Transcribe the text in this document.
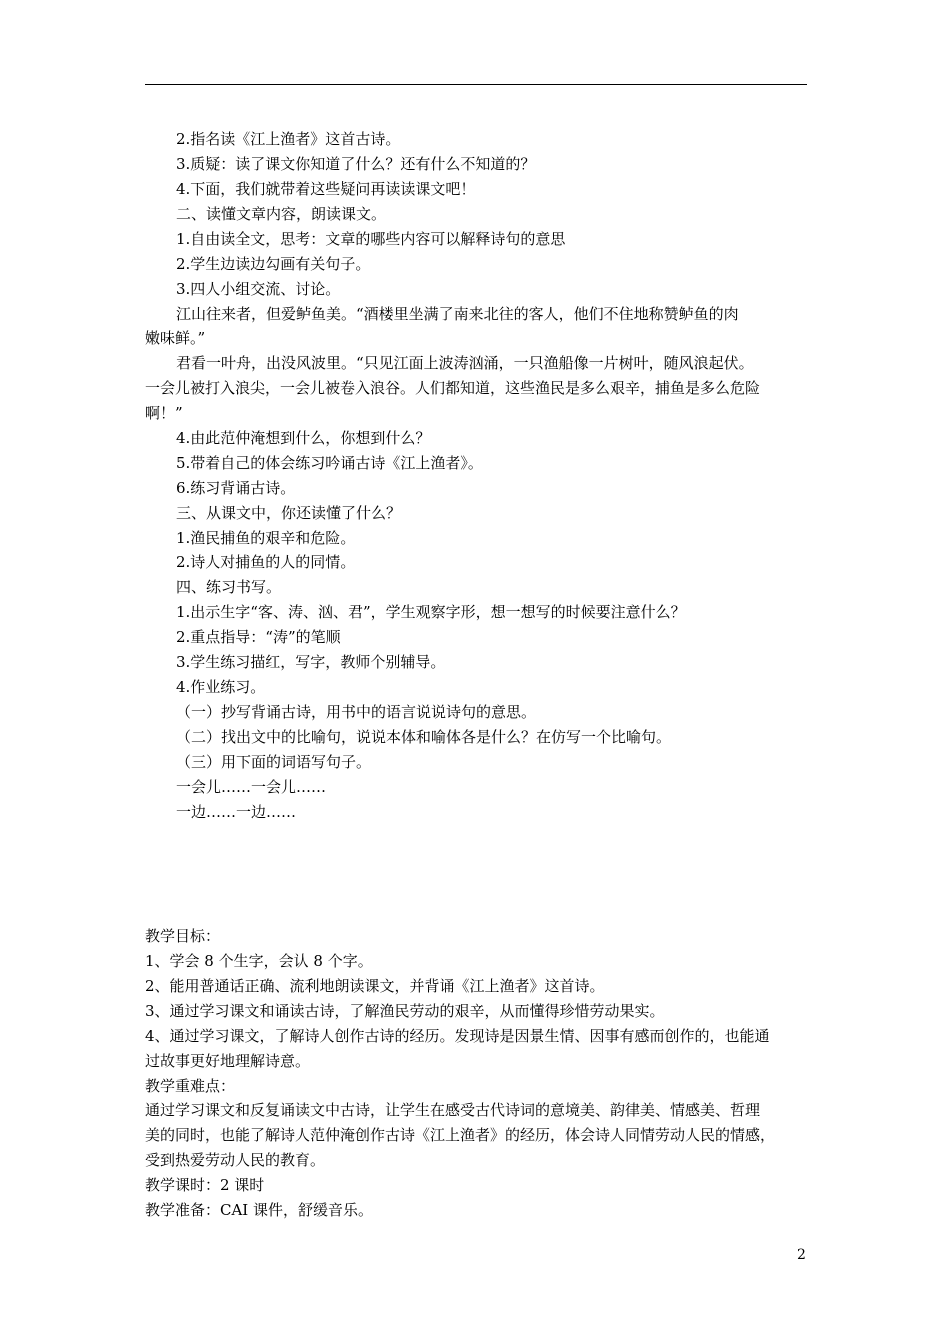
2.指名读《江上渔者》这首古诗。
3.质疑：读了课文你知道了什么？还有什么不知道的？
4.下面，我们就带着这些疑问再读读课文吧！
二、读懂文章内容，朗读课文。
1.自由读全文，思考：文章的哪些内容可以解释诗句的意思
2.学生边读边勾画有关句子。
3.四人小组交流、讨论。
江山往来者，但爱鲈鱼美。“酒楼里坐满了南来北往的客人，他们不住地称赞鲈鱼的肉
嫩味鲜。”
君看一叶舟，出没风波里。“只见江面上波涛汹涌，一只渔船像一片树叶，随风浪起伏。
一会儿被打入浪尖，一会儿被卷入浪谷。人们都知道，这些渔民是多么艰辛，捕鱼是多么危险
啊！”
4.由此范仲淹想到什么，你想到什么？
5.带着自己的体会练习吟诵古诗《江上渔者》。
6.练习背诵古诗。
三、从课文中，你还读懂了什么？
1.渔民捕鱼的艰辛和危险。
2.诗人对捕鱼的人的同情。
四、练习书写。
1.出示生字“客、涛、汹、君”，学生观察字形，想一想写的时候要注意什么？
2.重点指导：“涛”的笔顺
3.学生练习描红，写字，教师个别辅导。
4.作业练习。
（一）抄写背诵古诗，用书中的语言说说诗句的意思。
（二）找出文中的比喻句，说说本体和喻体各是什么？在仿写一个比喻句。
（三）用下面的词语写句子。
一会儿……一会儿……
一边……一边……
教学目标：
1、学会 8 个生字，会认 8 个字。
2、能用普通话正确、流利地朗读课文，并背诵《江上渔者》这首诗。
3、通过学习课文和诵读古诗，了解渔民劳动的艰辛，从而懂得珍惜劳动果实。
4、通过学习课文，了解诗人创作古诗的经历。发现诗是因景生情、因事有感而创作的，也能通
过故事更好地理解诗意。
教学重难点：
通过学习课文和反复诵读文中古诗，让学生在感受古代诗词的意境美、韵律美、情感美、哲理
美的同时，也能了解诗人范仲淹创作古诗《江上渔者》的经历，体会诗人同情劳动人民的情感，
受到热爱劳动人民的教育。
教学课时：2 课时
教学准备：CAI 课件，舒缓音乐。
2
